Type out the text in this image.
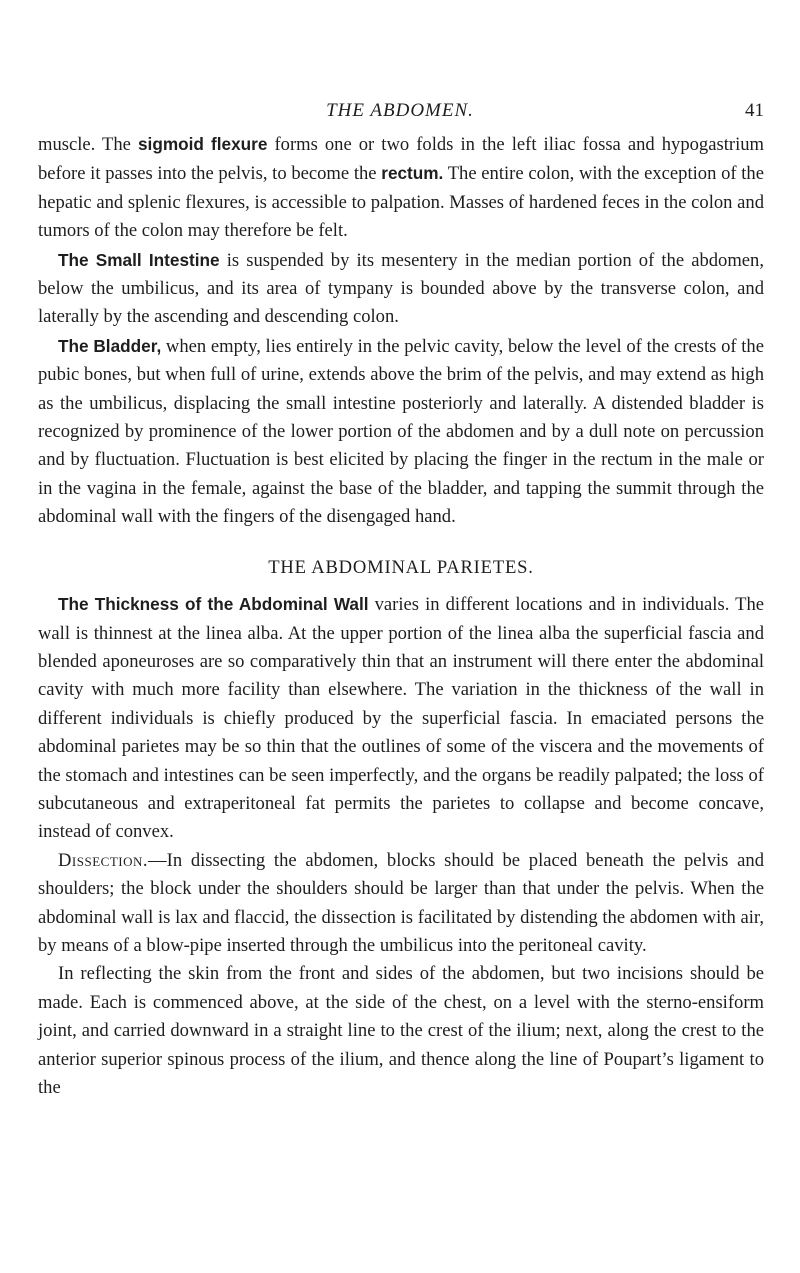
THE ABDOMEN.	41

muscle. The sigmoid flexure forms one or two folds in the left iliac fossa and hypogastrium before it passes into the pelvis, to become the rectum. The entire colon, with the exception of the hepatic and splenic flexures, is accessible to palpation. Masses of hardened feces in the colon and tumors of the colon may therefore be felt.

The Small Intestine is suspended by its mesentery in the median portion of the abdomen, below the umbilicus, and its area of tympany is bounded above by the transverse colon, and laterally by the ascending and descending colon.

The Bladder, when empty, lies entirely in the pelvic cavity, below the level of the crests of the pubic bones, but when full of urine, extends above the brim of the pelvis, and may extend as high as the umbilicus, displacing the small intestine posteriorly and laterally. A distended bladder is recognized by prominence of the lower portion of the abdomen and by a dull note on percussion and by fluctuation. Fluctuation is best elicited by placing the finger in the rectum in the male or in the vagina in the female, against the base of the bladder, and tapping the summit through the abdominal wall with the fingers of the disengaged hand.

THE ABDOMINAL PARIETES.

The Thickness of the Abdominal Wall varies in different locations and in individuals. The wall is thinnest at the linea alba. At the upper portion of the linea alba the superficial fascia and blended aponeuroses are so comparatively thin that an instrument will there enter the abdominal cavity with much more facility than elsewhere. The variation in the thickness of the wall in different individuals is chiefly produced by the superficial fascia. In emaciated persons the abdominal parietes may be so thin that the outlines of some of the viscera and the movements of the stomach and intestines can be seen imperfectly, and the organs be readily palpated; the loss of subcutaneous and extraperitoneal fat permits the parietes to collapse and become concave, instead of convex.

Dissection.—In dissecting the abdomen, blocks should be placed beneath the pelvis and shoulders; the block under the shoulders should be larger than that under the pelvis. When the abdominal wall is lax and flaccid, the dissection is facilitated by distending the abdomen with air, by means of a blow-pipe inserted through the umbilicus into the peritoneal cavity.

In reflecting the skin from the front and sides of the abdomen, but two incisions should be made. Each is commenced above, at the side of the chest, on a level with the sterno-ensiform joint, and carried downward in a straight line to the crest of the ilium; next, along the crest to the anterior superior spinous process of the ilium, and thence along the line of Poupart’s ligament to the
